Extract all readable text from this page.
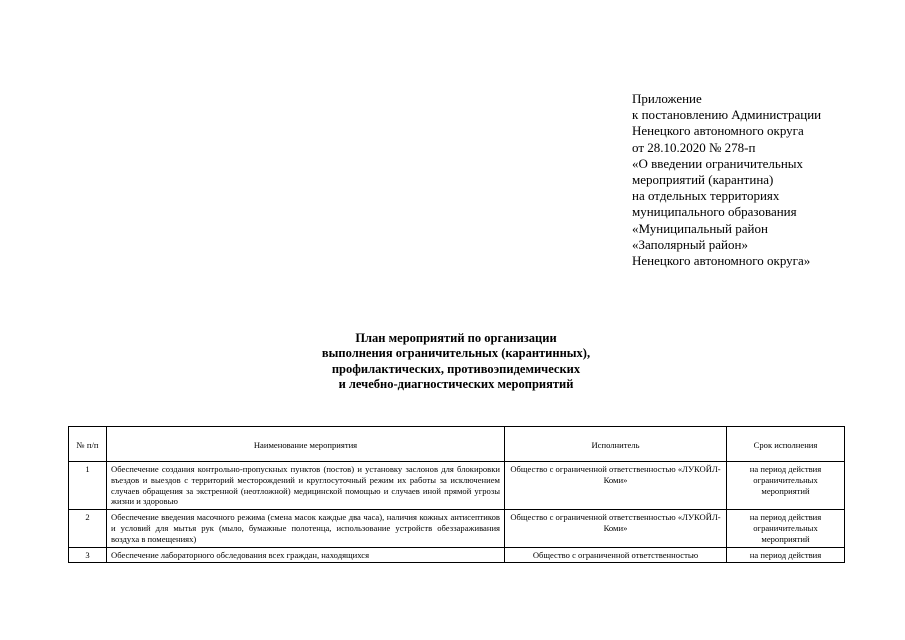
Приложение
к постановлению Администрации
Ненецкого автономного округа
от 28.10.2020 № 278-п
«О введении ограничительных
мероприятий (карантина)
на отдельных территориях
муниципального образования
«Муниципальный район
«Заполярный район»
Ненецкого автономного округа»
План мероприятий по организации
выполнения ограничительных (карантинных),
профилактических, противоэпидемических
и лечебно-диагностических мероприятий
№ п/п	Наименование мероприятия	Исполнитель	Срок исполнения
1	Обеспечение создания контрольно-пропускных пунктов (постов) и установку заслонов для блокировки въездов и выездов с территорий месторождений и круглосуточный режим их работы за исключением случаев обращения за экстренной (неотложной) медицинской помощью и случаев иной прямой угрозы жизни и здоровью	Общество с ограниченной ответственностью «ЛУКОЙЛ-Коми»	на период действия ограничительных мероприятий
2	Обеспечение введения масочного режима (смена масок каждые два часа), наличия кожных антисептиков и условий для мытья рук (мыло, бумажные полотенца, использование устройств обеззараживания воздуха в помещениях)	Общество с ограниченной ответственностью «ЛУКОЙЛ-Коми»	на период действия ограничительных мероприятий

3	Обеспечение лабораторного обследования всех граждан, находящихся	Общество с ограниченной ответственностью	на период действия
